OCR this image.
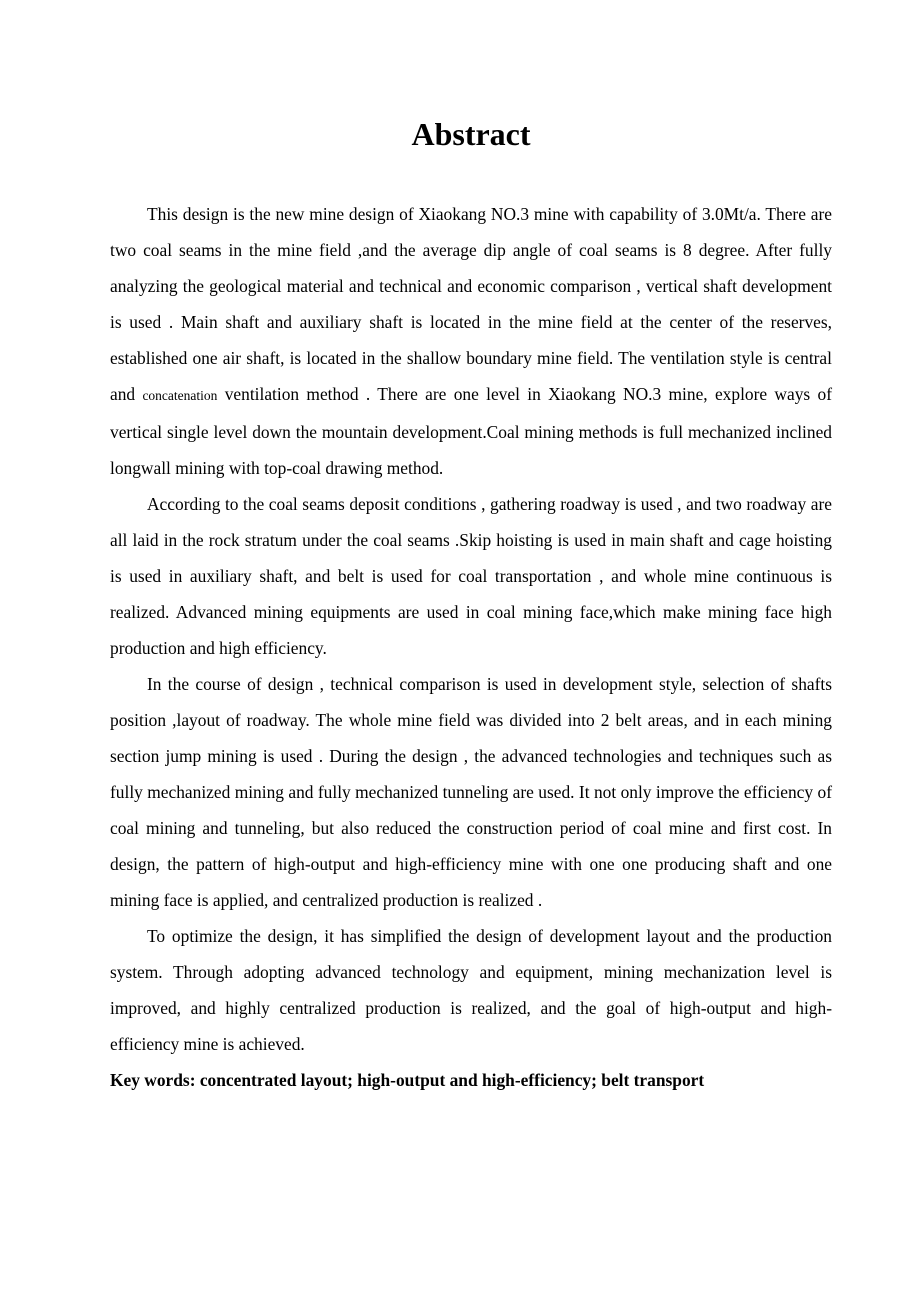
Abstract

This design is the new mine design of Xiaokang NO.3 mine with capability of 3.0Mt/a. There are two coal seams in the mine field ,and the average dip angle of coal seams is 8 degree. After fully analyzing the geological material and technical and economic comparison , vertical shaft development is used . Main shaft and auxiliary shaft is located in the mine field at the center of the reserves, established one air shaft, is located in the shallow boundary mine field. The ventilation style is central and concatenation ventilation method . There are one level in Xiaokang NO.3 mine, explore ways of vertical single level down the mountain development.Coal mining methods is full mechanized inclined longwall mining with top-coal drawing method.

According to the coal seams deposit conditions , gathering roadway is used , and two roadway are all laid in the rock stratum under the coal seams .Skip hoisting is used in main shaft and cage hoisting is used in auxiliary shaft, and belt is used for coal transportation , and whole mine continuous is realized. Advanced mining equipments are used in coal mining face,which make mining face high production and high efficiency.

In the course of design , technical comparison is used in development style, selection of shafts position ,layout of roadway. The whole mine field was divided into 2 belt areas, and in each mining section jump mining is used . During the design , the advanced technologies and techniques such as fully mechanized mining and fully mechanized tunneling are used. It not only improve the efficiency of coal mining and tunneling, but also reduced the construction period of coal mine and first cost. In design, the pattern of high-output and high-efficiency mine with one one producing shaft and one mining face is applied, and centralized production is realized .

To optimize the design, it has simplified the design of development layout and the production system. Through adopting advanced technology and equipment, mining mechanization level is improved, and highly centralized production is realized, and the goal of high-output and high-efficiency mine is achieved.

Key words: concentrated layout; high-output and high-efficiency; belt transport
